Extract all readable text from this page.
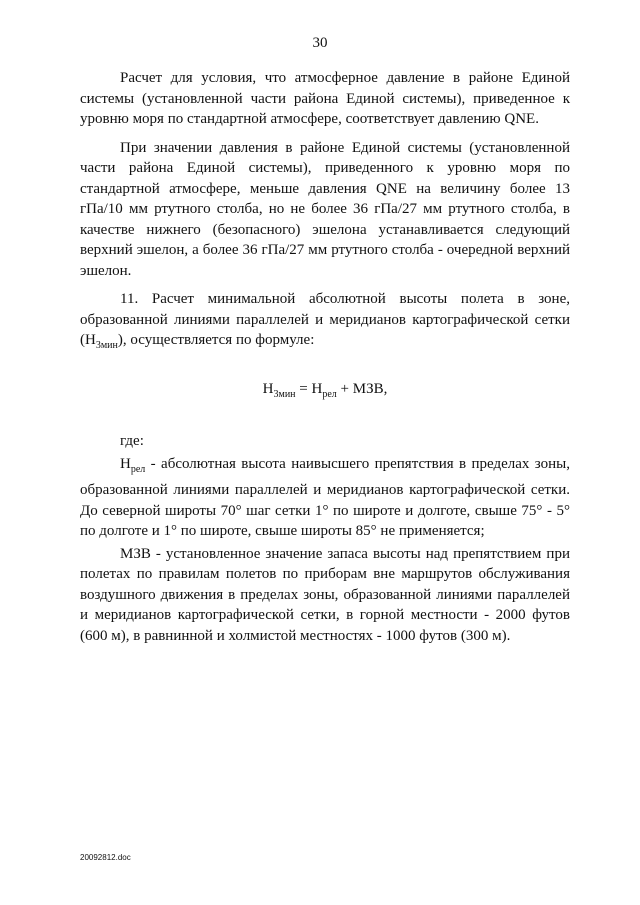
30

Расчет для условия, что атмосферное давление в районе Единой системы (установленной части района Единой системы), приведенное к уровню моря по стандартной атмосфере, соответствует давлению QNE.

При значении давления в районе Единой системы (установленной части района Единой системы), приведенного к уровню моря по стандартной атмосфере, меньше давления QNE на величину более 13 гПа/10 мм ртутного столба, но не более 36 гПа/27 мм ртутного столба, в качестве нижнего (безопасного) эшелона устанавливается следующий верхний эшелон, а более 36 гПа/27 мм ртутного столба - очередной верхний эшелон.

11. Расчет минимальной абсолютной высоты полета в зоне, образованной линиями параллелей и меридианов картографической сетки $(H_{3мин})$, осуществляется по формуле:

$H_{3мин} = H_{рел}$ + МЗВ,

где:

$H_{рел}$ - абсолютная высота наивысшего препятствия в пределах зоны, образованной линиями параллелей и меридианов картографической сетки. До северной широты 70° шаг сетки 1° по широте и долготе, свыше 75° - 5° по долготе и 1° по широте, свыше широты 85° не применяется;

МЗВ - установленное значение запаса высоты над препятствием при полетах по правилам полетов по приборам вне маршрутов обслуживания воздушного движения в пределах зоны, образованной линиями параллелей и меридианов картографической сетки, в горной местности - 2000 футов (600 м), в равнинной и холмистой местностях - 1000 футов (300 м).

20092812.doc
